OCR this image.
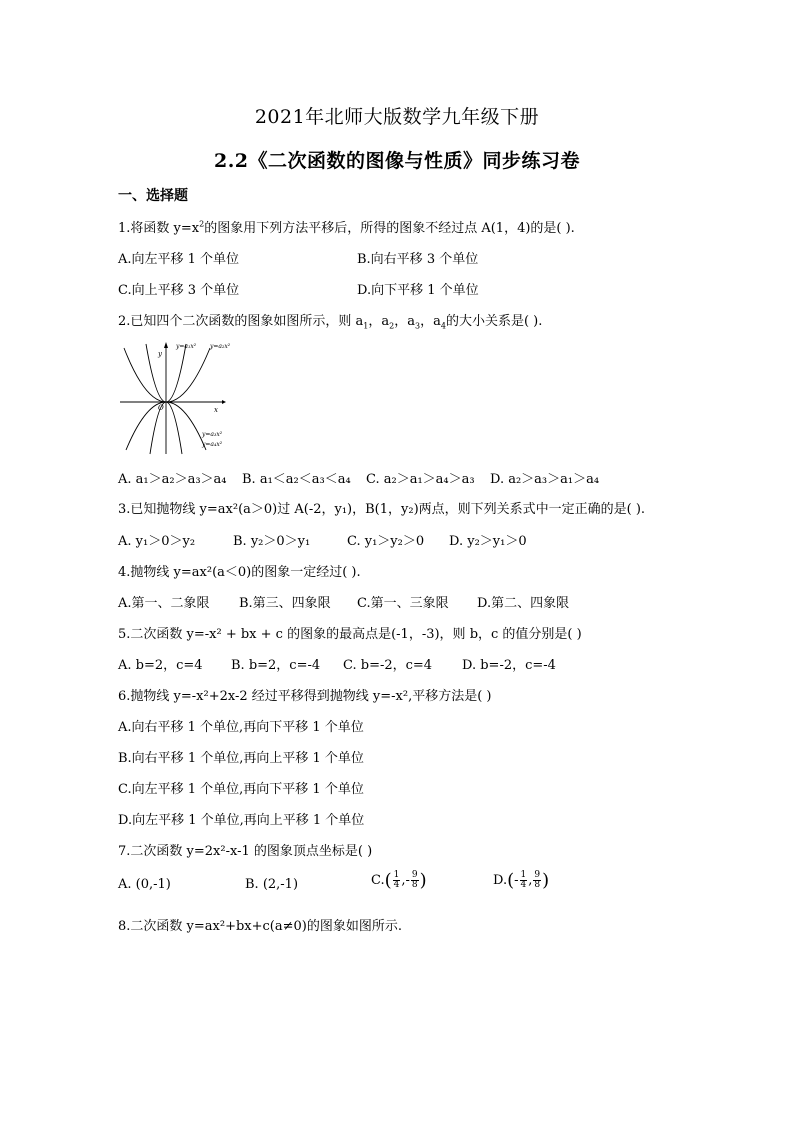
2021年北师大版数学九年级下册
2.2《二次函数的图像与性质》同步练习卷
一、选择题
1.将函数 $y=x^2$的图象用下列方法平移后，所得的图象不经过点 A(1，4)的是( ).
A.向左平移 1 个单位	B.向右平移 3 个单位
C.向上平移 3 个单位	D.向下平移 1 个单位
2.已知四个二次函数的图象如图所示，则 $a_1$，$a_2$，$a_3$，$a_4$的大小关系是( ).
y=a₁x² y=a₂x²
y=a₃x²
y=a₄x²
x
y
O
A. a₁＞a₂＞a₃＞a₄ B. a₁＜a₂＜a₃＜a₄ C. a₂＞a₁＞a₄＞a₃ D. a₂＞a₃＞a₁＞a₄
3.已知抛物线 y=ax²(a＞0)过 A(-2，y₁)，B(1，y₂)两点，则下列关系式中一定正确的是( ).
A. y₁＞0＞y₂	B. y₂＞0＞y₁	C. y₁＞y₂＞0 D. y₂＞y₁＞0
4.抛物线 y=ax²(a＜0)的图象一定经过( ).
A.第一、二象限 B.第三、四象限 C.第一、三象限 D.第二、四象限
5.二次函数 y=-x² + bx + c 的图象的最高点是(-1，-3)，则 b，c 的值分别是( )
A. b=2，c=4 B. b=2，c=-4 C. b=-2，c=4 D. b=-2，c=-4
6.抛物线 y=-x²+2x-2 经过平移得到抛物线 y=-x²,平移方法是( )
A.向右平移 1 个单位,再向下平移 1 个单位
B.向右平移 1 个单位,再向上平移 1 个单位
C.向左平移 1 个单位,再向下平移 1 个单位
D.向左平移 1 个单位,再向上平移 1 个单位
7.二次函数 y=2x²-x-1 的图象顶点坐标是( )
A. (0,-1)	B. (2,-1)	$C.( \frac{1}{4}$ ,- $\frac{9}{8}$ )	$D.(- \frac{1}{4}$ , $\frac{9}{8}$ )
8.二次函数 y=ax²+bx+c(a≠0)的图象如图所示.
